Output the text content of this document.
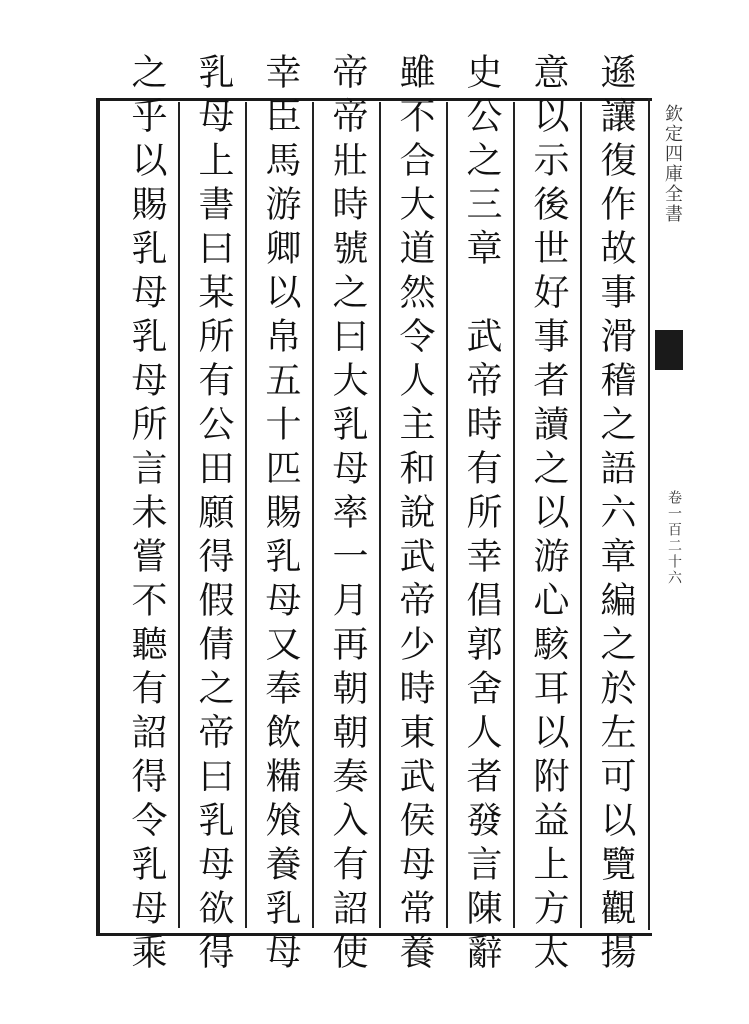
欽定四庫全書
卷一百二十六
遜讓復作故事滑稽之語六章編之於左可以覽觀揚
意以示後世好事者讀之以游心駭耳以附益上方太
史公之三章　武帝時有所幸倡郭舍人者發言陳辭
雖不合大道然令人主和說武帝少時東武侯母常養
帝帝壯時號之曰大乳母率一月再朝朝奏入有詔使
幸臣馬游卿以帛五十匹賜乳母又奉飲糒飧養乳母
乳母上書曰某所有公田願得假倩之帝曰乳母欲得
之乎以賜乳母乳母所言未嘗不聽有詔得令乳母乘
